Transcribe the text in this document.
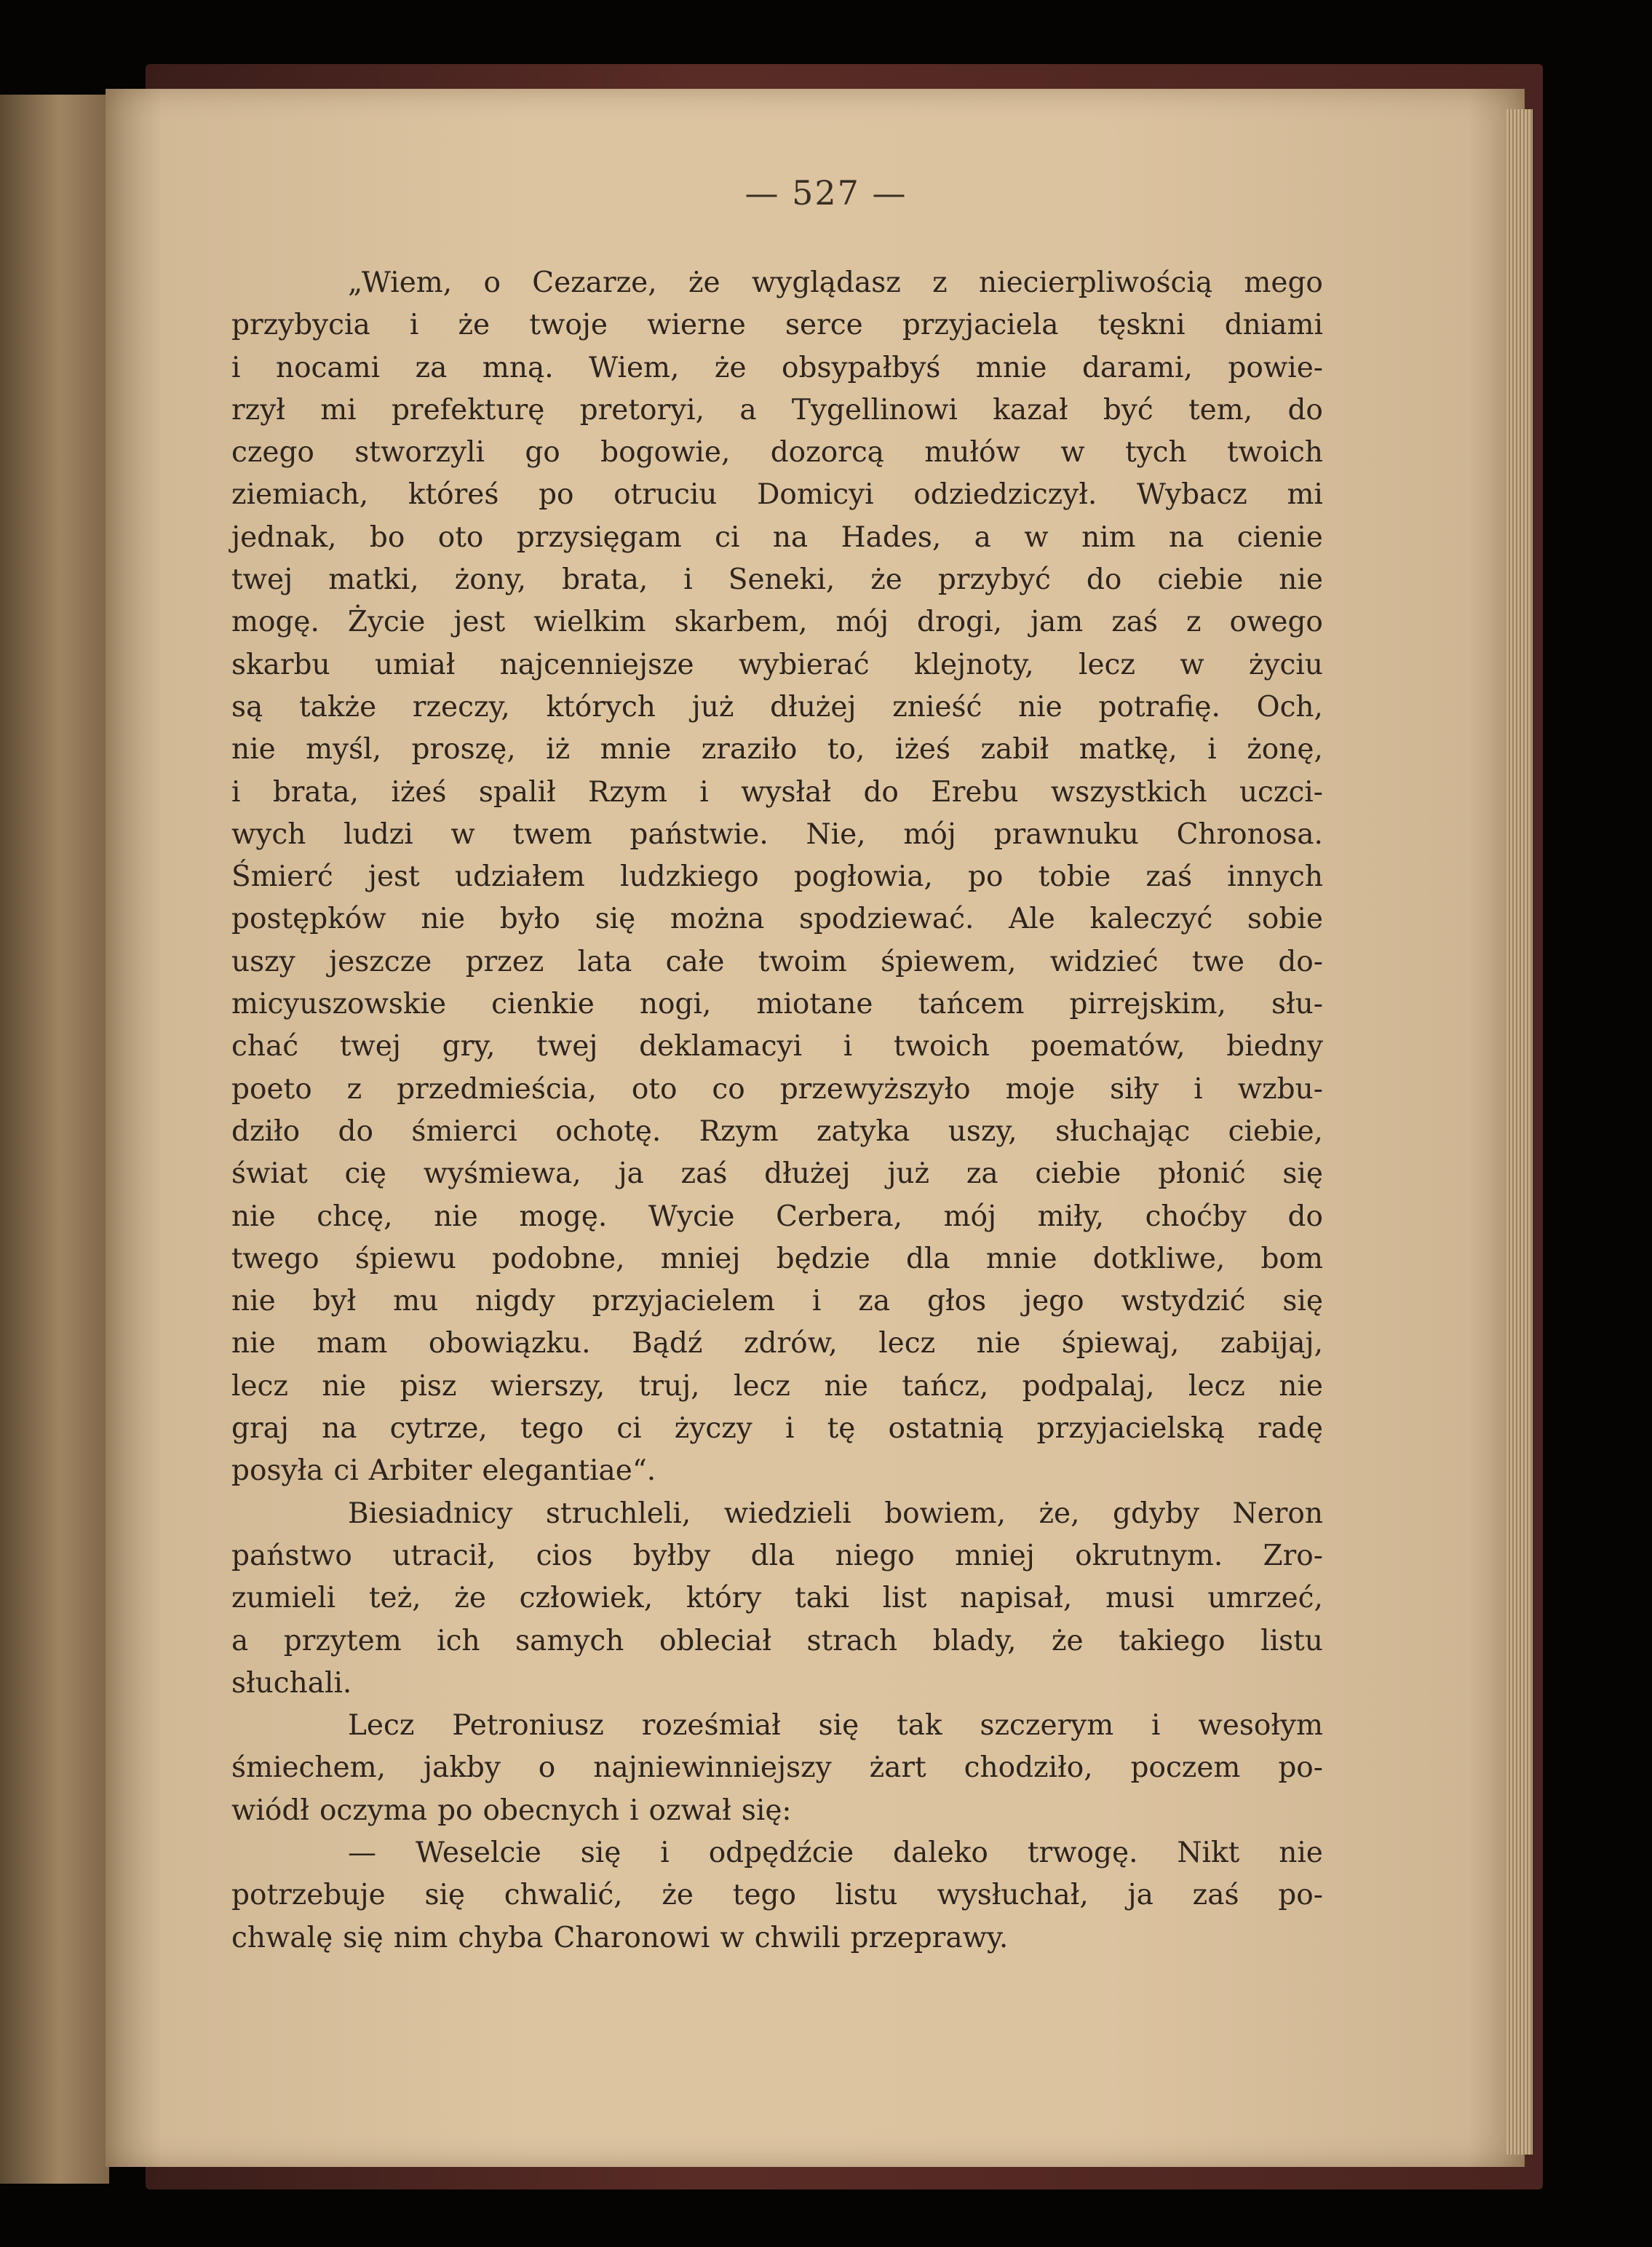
— 527 —
„Wiem, o Cezarze, że wyglądasz z niecierpliwością mego
przybycia i że twoje wierne serce przyjaciela tęskni dniami
i nocami za mną. Wiem, że obsypałbyś mnie darami, powie-
rzył mi prefekturę pretoryi, a Tygellinowi kazał być tem, do
czego stworzyli go bogowie, dozorcą mułów w tych twoich
ziemiach, któreś po otruciu Domicyi odziedziczył. Wybacz mi
jednak, bo oto przysięgam ci na Hades, a w nim na cienie
twej matki, żony, brata, i Seneki, że przybyć do ciebie nie
mogę. Życie jest wielkim skarbem, mój drogi, jam zaś z owego
skarbu umiał najcenniejsze wybierać klejnoty, lecz w życiu
są także rzeczy, których już dłużej znieść nie potrafię. Och,
nie myśl, proszę, iż mnie zraziło to, iżeś zabił matkę, i żonę,
i brata, iżeś spalił Rzym i wysłał do Erebu wszystkich uczci-
wych ludzi w twem państwie. Nie, mój prawnuku Chronosa.
Śmierć jest udziałem ludzkiego pogłowia, po tobie zaś innych
postępków nie było się można spodziewać. Ale kaleczyć sobie
uszy jeszcze przez lata całe twoim śpiewem, widzieć twe do-
micyuszowskie cienkie nogi, miotane tańcem pirrejskim, słu-
chać twej gry, twej deklamacyi i twoich poematów, biedny
poeto z przedmieścia, oto co przewyższyło moje siły i wzbu-
dziło do śmierci ochotę. Rzym zatyka uszy, słuchając ciebie,
świat cię wyśmiewa, ja zaś dłużej już za ciebie płonić się
nie chcę, nie mogę. Wycie Cerbera, mój miły, choćby do
twego śpiewu podobne, mniej będzie dla mnie dotkliwe, bom
nie był mu nigdy przyjacielem i za głos jego wstydzić się
nie mam obowiązku. Bądź zdrów, lecz nie śpiewaj, zabijaj,
lecz nie pisz wierszy, truj, lecz nie tańcz, podpalaj, lecz nie
graj na cytrze, tego ci życzy i tę ostatnią przyjacielską radę
posyła ci Arbiter elegantiae“.
Biesiadnicy struchleli, wiedzieli bowiem, że, gdyby Neron
państwo utracił, cios byłby dla niego mniej okrutnym. Zro-
zumieli też, że człowiek, który taki list napisał, musi umrzeć,
a przytem ich samych obleciał strach blady, że takiego listu
słuchali.
Lecz Petroniusz roześmiał się tak szczerym i wesołym
śmiechem, jakby o najniewinniejszy żart chodziło, poczem po-
wiódł oczyma po obecnych i ozwał się:
— Weselcie się i odpędźcie daleko trwogę. Nikt nie
potrzebuje się chwalić, że tego listu wysłuchał, ja zaś po-
chwalę się nim chyba Charonowi w chwili przeprawy.
